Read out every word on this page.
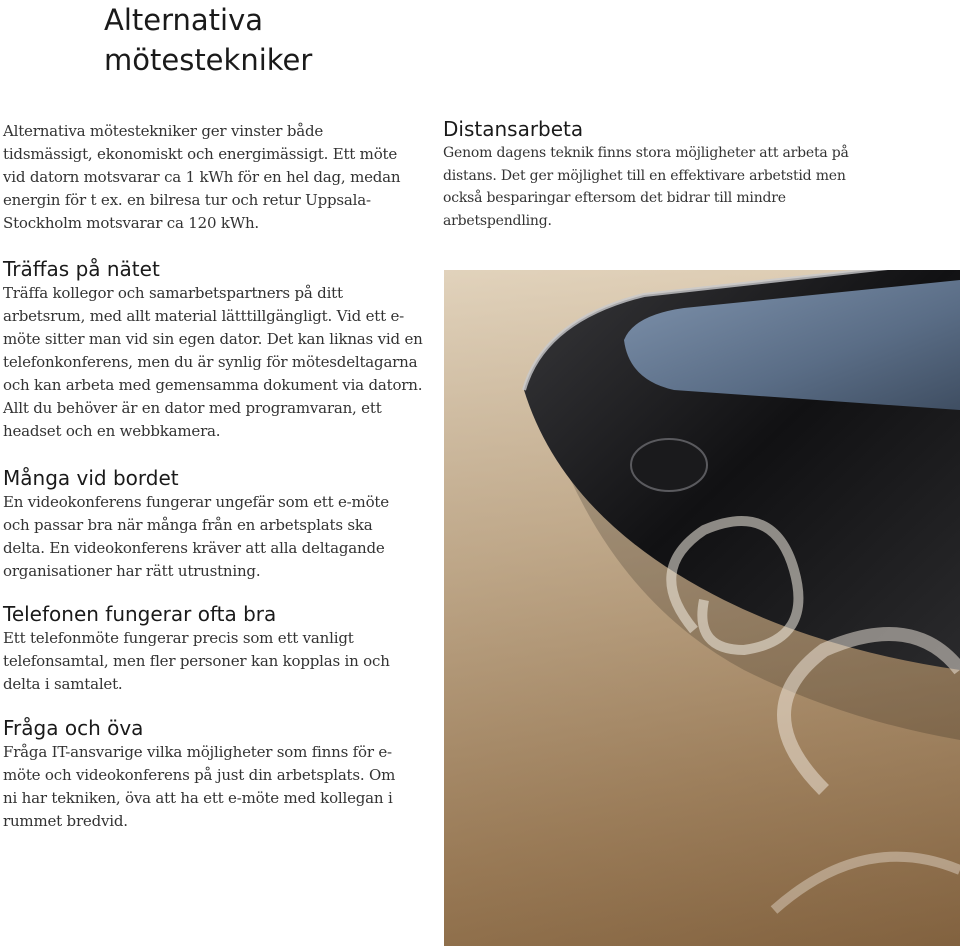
Alternativa mötestekniker

Alternativa mötestekniker ger vinster både tidsmässigt, ekonomiskt och energimässigt. Ett möte vid datorn motsvarar ca 1 kWh för en hel dag, medan energin för t ex. en bilresa tur och retur Uppsala-Stockholm motsvarar ca 120 kWh.

Träffas på nätet

Träffa kollegor och samarbetspartners på ditt arbetsrum, med allt material lätttillgängligt. Vid ett e-möte sitter man vid sin egen dator. Det kan liknas vid en telefonkonferens, men du är synlig för mötesdeltagarna och kan arbeta med gemensamma dokument via datorn. Allt du behöver är en dator med programvaran, ett headset och en webbkamera.

Många vid bordet

En videokonferens fungerar ungefär som ett e-möte och passar bra när många från en arbetsplats ska delta. En videokonferens kräver att alla deltagande organisationer har rätt utrustning.

Telefonen fungerar ofta bra

Ett telefonmöte fungerar precis som ett vanligt telefonsamtal, men fler personer kan kopplas in och delta i samtalet.

Fråga och öva

Fråga IT-ansvarige vilka möjligheter som finns för e-möte och videokonferens på just din arbetsplats. Om ni har tekniken, öva att ha ett e-möte med kollegan i rummet bredvid.

Distansarbeta

Genom dagens teknik finns stora möjligheter att arbeta på distans. Det ger möjlighet till en effektivare arbetstid men också besparingar eftersom det bidrar till mindre arbetspendling.
